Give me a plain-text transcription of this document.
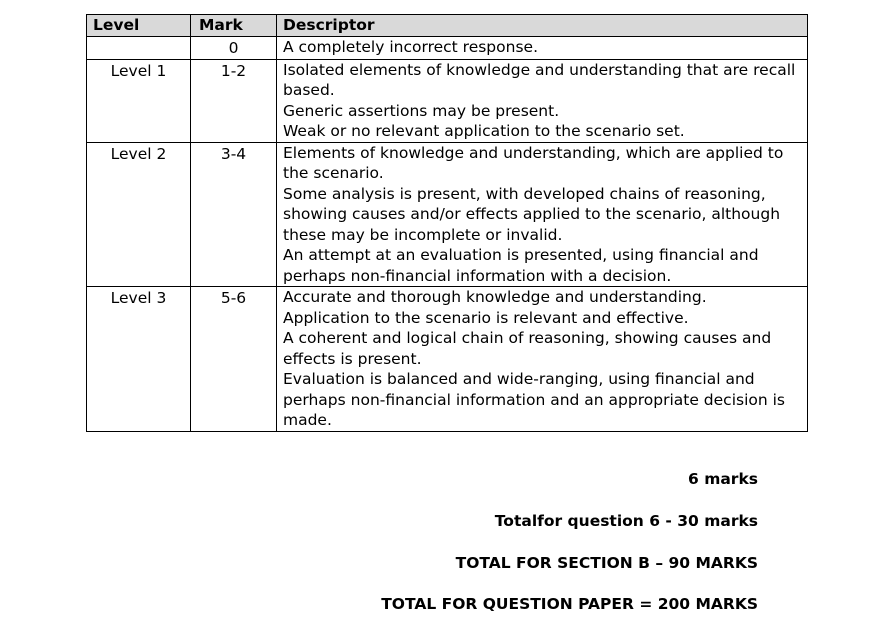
Level	Mark	Descriptor
	0	A completely incorrect response.

Level 1	1-2	Isolated elements of knowledge and understanding that are recall based.
Generic assertions may be present.
Weak or no relevant application to the scenario set.

Level 2	3-4	Elements of knowledge and understanding, which are applied to the scenario.
Some analysis is present, with developed chains of reasoning, showing causes and/or effects applied to the scenario, although these may be incomplete or invalid.
An attempt at an evaluation is presented, using financial and perhaps non-financial information with a decision.

Level 3	5-6	Accurate and thorough knowledge and understanding.
Application to the scenario is relevant and effective.
A coherent and logical chain of reasoning, showing causes and effects is present.
Evaluation is balanced and wide-ranging, using financial and perhaps non-financial information and an appropriate decision is made.
6 marks
Totalfor question 6 - 30 marks
TOTAL FOR SECTION B – 90 MARKS
TOTAL FOR QUESTION PAPER = 200 MARKS
